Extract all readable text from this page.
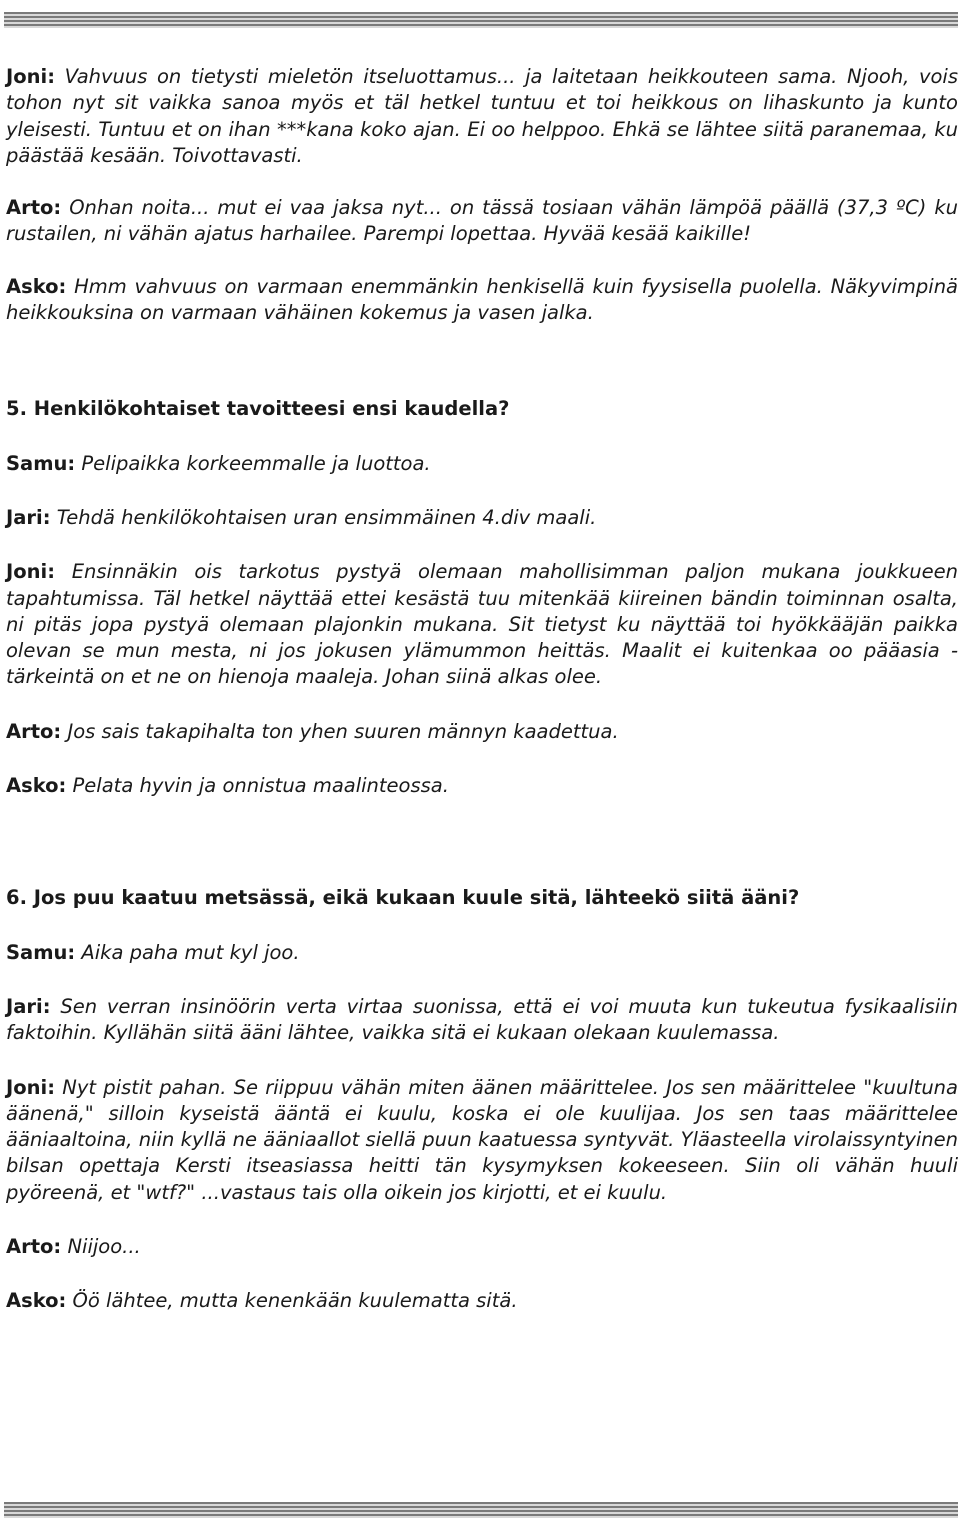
Joni: Vahvuus on tietysti mieletön itseluottamus... ja laitetaan heikkouteen sama. Njooh, vois tohon nyt sit vaikka sanoa myös et täl hetkel tuntuu et toi heikkous on lihaskunto ja kunto yleisesti. Tuntuu et on ihan ***kana koko ajan. Ei oo helppoo. Ehkä se lähtee siitä paranemaa, ku päästää kesään. Toivottavasti.

Arto: Onhan noita... mut ei vaa jaksa nyt... on tässä tosiaan vähän lämpöä päällä (37,3 ºC) ku rustailen, ni vähän ajatus harhailee. Parempi lopettaa. Hyvää kesää kaikille!

Asko: Hmm vahvuus on varmaan enemmänkin henkisellä kuin fyysisella puolella. Näkyvimpinä heikkouksina on varmaan vähäinen kokemus ja vasen jalka.

5. Henkilökohtaiset tavoitteesi ensi kaudella?

Samu: Pelipaikka korkeemmalle ja luottoa.

Jari: Tehdä henkilökohtaisen uran ensimmäinen 4.div maali.

Joni: Ensinnäkin ois tarkotus pystyä olemaan mahollisimman paljon mukana joukkueen tapahtumissa. Täl hetkel näyttää ettei kesästä tuu mitenkää kiireinen bändin toiminnan osalta, ni pitäs jopa pystyä olemaan plajonkin mukana. Sit tietyst ku näyttää toi hyökkääjän paikka olevan se mun mesta, ni jos jokusen ylämummon heittäs. Maalit ei kuitenkaa oo pääasia - tärkeintä on et ne on hienoja maaleja. Johan siinä alkas olee.

Arto: Jos sais takapihalta ton yhen suuren männyn kaadettua.

Asko: Pelata hyvin ja onnistua maalinteossa.

6. Jos puu kaatuu metsässä, eikä kukaan kuule sitä, lähteekö siitä ääni?

Samu: Aika paha mut kyl joo.

Jari: Sen verran insinöörin verta virtaa suonissa, että ei voi muuta kun tukeutua fysikaalisiin faktoihin. Kyllähän siitä ääni lähtee, vaikka sitä ei kukaan olekaan kuulemassa.

Joni: Nyt pistit pahan. Se riippuu vähän miten äänen määrittelee. Jos sen määrittelee "kuultuna äänenä," silloin kyseistä ääntä ei kuulu, koska ei ole kuulijaa. Jos sen taas määrittelee ääniaaltoina, niin kyllä ne ääniaallot siellä puun kaatuessa syntyvät. Yläasteella virolaissyntyinen bilsan opettaja Kersti itseasiassa heitti tän kysymyksen kokeeseen. Siin oli vähän huuli pyöreenä, et "wtf?" ...vastaus tais olla oikein jos kirjotti, et ei kuulu.

Arto: Niijoo...

Asko: Öö lähtee, mutta kenenkään kuulematta sitä.
